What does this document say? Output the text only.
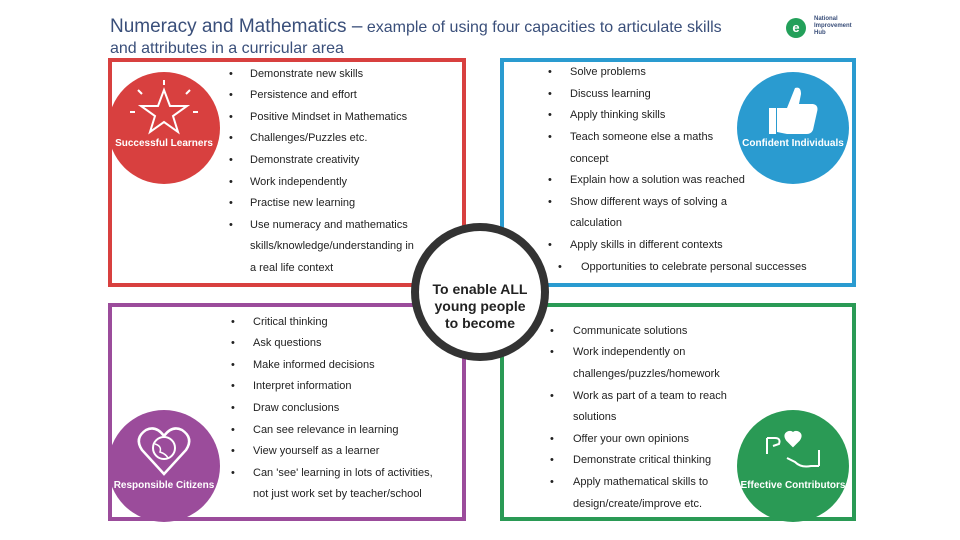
Numeracy and Mathematics – example of using four capacities to articulate skills
and attributes in a curricular area
e
National Improvement Hub
Successful Learners	Confident Individuals
Responsible Citizens	Effective Contributors
To enable ALL young people to become
• Demonstrate new skills
• Persistence and effort
• Positive Mindset in Mathematics
• Challenges/Puzzles etc.
• Demonstrate creativity
• Work independently
• Practise new learning
• Use numeracy and mathematics
skills/knowledge/understanding in
a real life context
• Solve problems
• Discuss learning
• Apply thinking skills
• Teach someone else a maths
concept
• Explain how a solution was reached
• Show different ways of solving a
calculation
• Apply skills in different contexts
• Opportunities to celebrate personal successes
• Critical thinking
• Ask questions
• Make informed decisions
• Interpret information
• Draw conclusions
• Can see relevance in learning
• View yourself as a learner
• Can 'see' learning in lots of activities,
not just work set by teacher/school
• Communicate solutions
• Work independently on
challenges/puzzles/homework
• Work as part of a team to reach
solutions
• Offer your own opinions
• Demonstrate critical thinking
• Apply mathematical skills to
design/create/improve etc.
